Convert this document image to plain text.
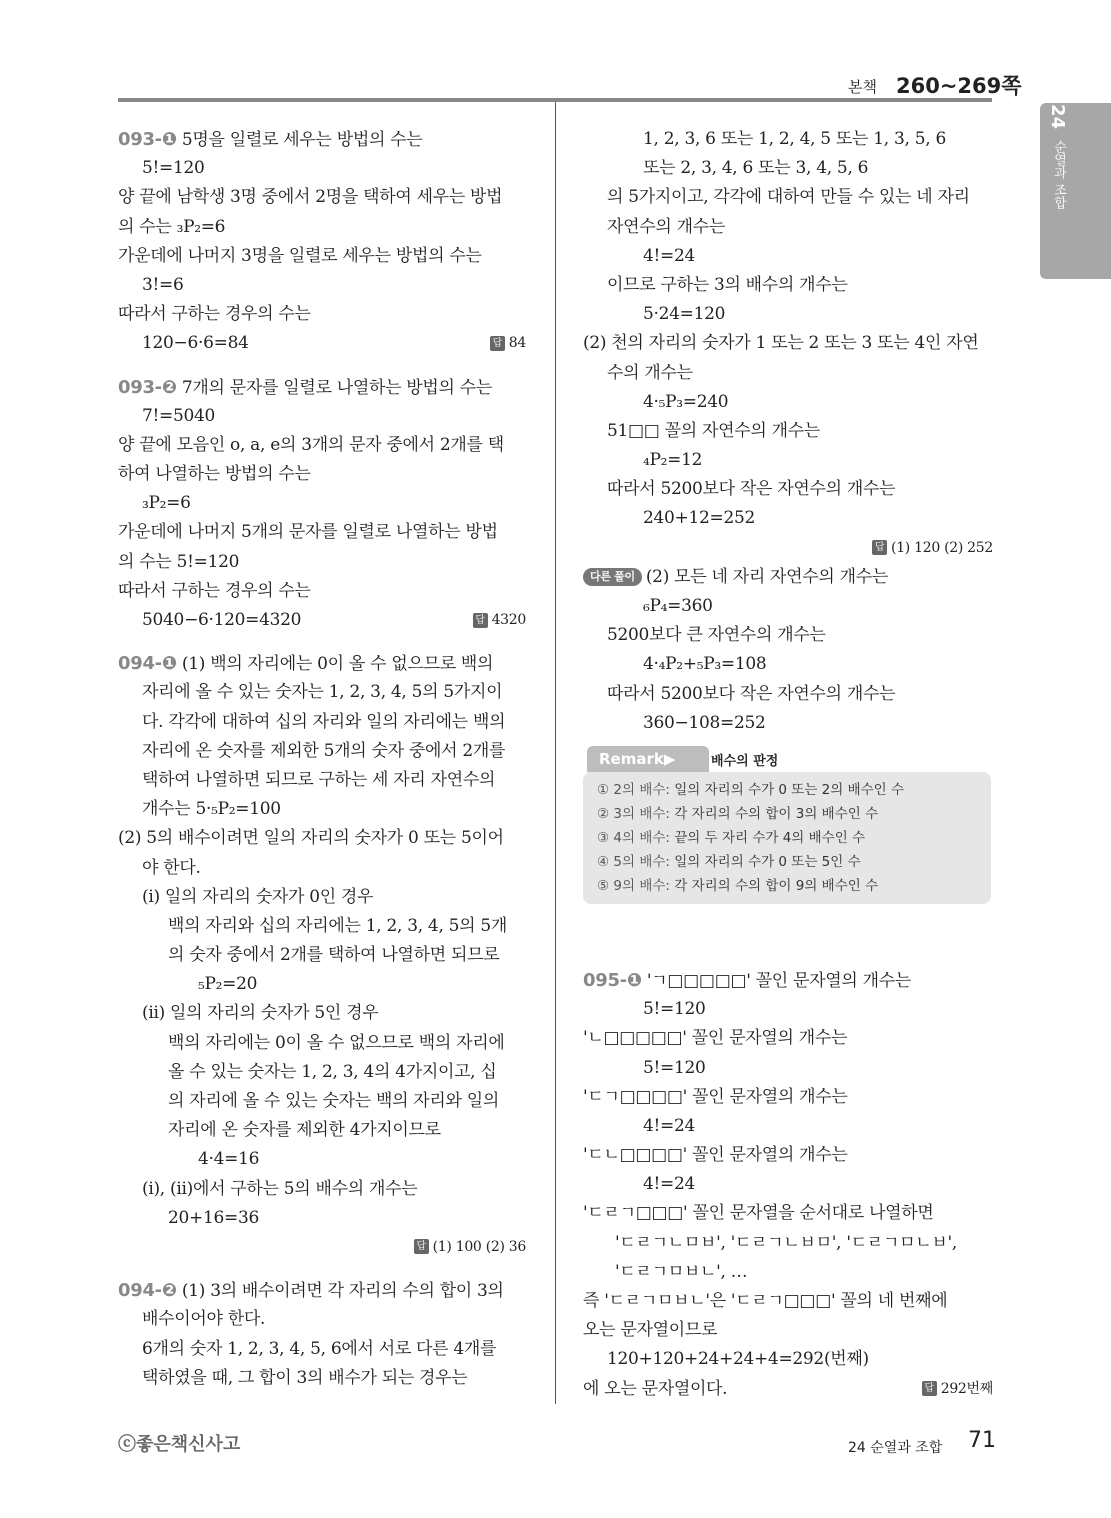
본책 260~269쪽
24
순열과 조합
093-❶ 5명을 일렬로 세우는 방법의 수는
5!=120
양 끝에 남학생 3명 중에서 2명을 택하여 세우는 방법
의 수는 ₃P₂=6
가운데에 나머지 3명을 일렬로 세우는 방법의 수는
3!=6
따라서 구하는 경우의 수는
120−6·6=84	답 84
093-❷ 7개의 문자를 일렬로 나열하는 방법의 수는
7!=5040
양 끝에 모음인 o, a, e의 3개의 문자 중에서 2개를 택
하여 나열하는 방법의 수는
₃P₂=6
가운데에 나머지 5개의 문자를 일렬로 나열하는 방법
의 수는 5!=120
따라서 구하는 경우의 수는
5040−6·120=4320	답 4320
094-❶ (1) 백의 자리에는 0이 올 수 없으므로 백의
자리에 올 수 있는 숫자는 1, 2, 3, 4, 5의 5가지이
다. 각각에 대하여 십의 자리와 일의 자리에는 백의
자리에 온 숫자를 제외한 5개의 숫자 중에서 2개를
택하여 나열하면 되므로 구하는 세 자리 자연수의
개수는 5·₅P₂=100
(2) 5의 배수이려면 일의 자리의 숫자가 0 또는 5이어
야 한다.
(i) 일의 자리의 숫자가 0인 경우
백의 자리와 십의 자리에는 1, 2, 3, 4, 5의 5개
의 숫자 중에서 2개를 택하여 나열하면 되므로
₅P₂=20
(ii) 일의 자리의 숫자가 5인 경우
백의 자리에는 0이 올 수 없으므로 백의 자리에
올 수 있는 숫자는 1, 2, 3, 4의 4가지이고, 십
의 자리에 올 수 있는 숫자는 백의 자리와 일의
자리에 온 숫자를 제외한 4가지이므로
4·4=16
(i), (ii)에서 구하는 5의 배수의 개수는
20+16=36
답 (1) 100 (2) 36
094-❷ (1) 3의 배수이려면 각 자리의 수의 합이 3의
배수이어야 한다.
6개의 숫자 1, 2, 3, 4, 5, 6에서 서로 다른 4개를
택하였을 때, 그 합이 3의 배수가 되는 경우는
1, 2, 3, 6 또는 1, 2, 4, 5 또는 1, 3, 5, 6
또는 2, 3, 4, 6 또는 3, 4, 5, 6
의 5가지이고, 각각에 대하여 만들 수 있는 네 자리
자연수의 개수는
4!=24
이므로 구하는 3의 배수의 개수는
5·24=120
(2) 천의 자리의 숫자가 1 또는 2 또는 3 또는 4인 자연
수의 개수는
4·₅P₃=240
51□□ 꼴의 자연수의 개수는
₄P₂=12
따라서 5200보다 작은 자연수의 개수는
240+12=252
답 (1) 120 (2) 252
다른 풀이 (2) 모든 네 자리 자연수의 개수는
₆P₄=360
5200보다 큰 자연수의 개수는
4·₄P₂+₅P₃=108
따라서 5200보다 작은 자연수의 개수는
360−108=252
Remark▶	배수의 판정
① 2의 배수: 일의 자리의 수가 0 또는 2의 배수인 수
② 3의 배수: 각 자리의 수의 합이 3의 배수인 수
③ 4의 배수: 끝의 두 자리 수가 4의 배수인 수
④ 5의 배수: 일의 자리의 수가 0 또는 5인 수
⑤ 9의 배수: 각 자리의 수의 합이 9의 배수인 수
095-❶ 'ㄱ□□□□□' 꼴인 문자열의 개수는
5!=120
'ㄴ□□□□□' 꼴인 문자열의 개수는
5!=120
'ㄷㄱ□□□□' 꼴인 문자열의 개수는
4!=24
'ㄷㄴ□□□□' 꼴인 문자열의 개수는
4!=24
'ㄷㄹㄱ□□□' 꼴인 문자열을 순서대로 나열하면
'ㄷㄹㄱㄴㅁㅂ', 'ㄷㄹㄱㄴㅂㅁ', 'ㄷㄹㄱㅁㄴㅂ',
'ㄷㄹㄱㅁㅂㄴ', …
즉 'ㄷㄹㄱㅁㅂㄴ'은 'ㄷㄹㄱ□□□' 꼴의 네 번째에
오는 문자열이므로
120+120+24+24+4=292(번째)
에 오는 문자열이다.	답 292번째
ⓒ좋은책신사고	24 순열과 조합 71
